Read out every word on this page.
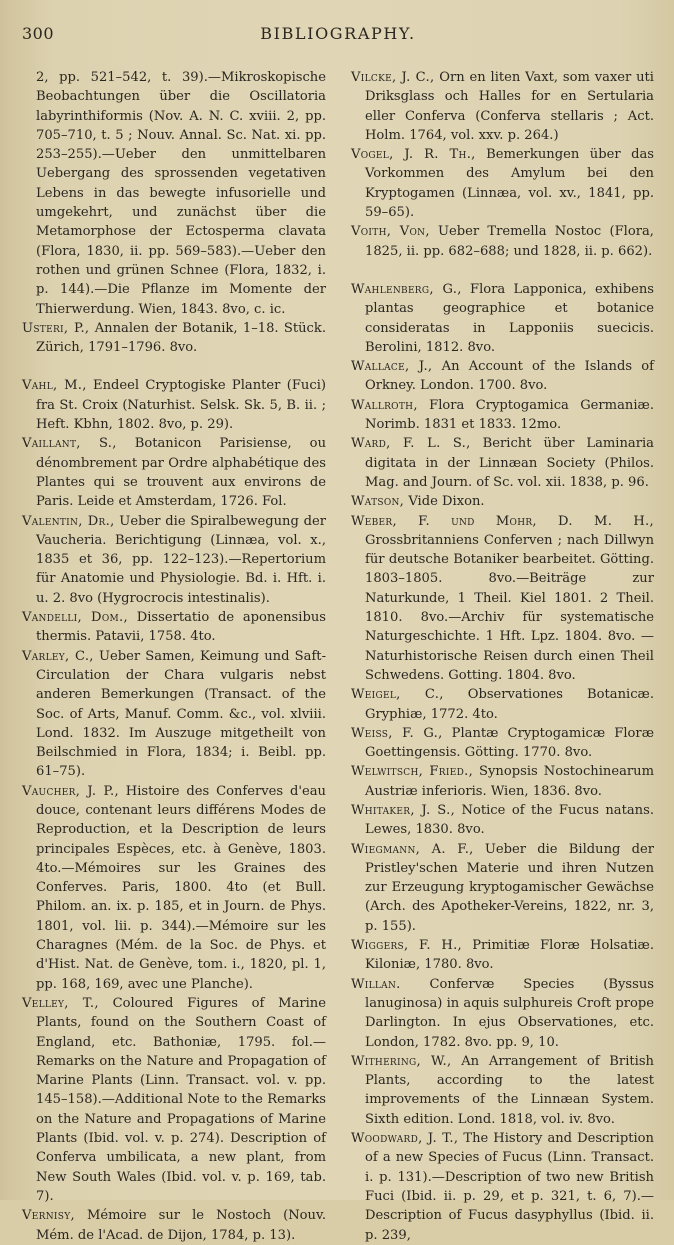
300	BIBLIOGRAPHY.

2, pp. 521–542, t. 39).—Mikroskopische Beobachtungen über die Oscillatoria labyrinthiformis (Nov. A. N. C. xviii. 2, pp. 705–710, t. 5 ; Nouv. Annal. Sc. Nat. xi. pp. 253–255).—Ueber den unmittelbaren Uebergang des sprossenden vegetativen Lebens in das bewegte infusorielle und umgekehrt, und zunächst über die Metamorphose der Ectosperma clavata (Flora, 1830, ii. pp. 569–583).—Ueber den rothen und grünen Schnee (Flora, 1832, i. p. 144).—Die Pflanze im Momente der Thierwerdung. Wien, 1843. 8vo, c. ic.

Usteri, P., Annalen der Botanik, 1–18. Stück. Zürich, 1791–1796. 8vo.

Vahl, M., Endeel Cryptogiske Planter (Fuci) fra St. Croix (Naturhist. Selsk. Sk. 5, B. ii. ; Heft. Kbhn, 1802. 8vo, p. 29).

Vaillant, S., Botanicon Parisiense, ou dénombrement par Ordre alphabétique des Plantes qui se trouvent aux environs de Paris. Leide et Amsterdam, 1726. Fol.

Valentin, Dr., Ueber die Spiralbewegung der Vaucheria. Berichtigung (Linnæa, vol. x., 1835 et 36, pp. 122–123).—Repertorium für Anatomie und Physiologie. Bd. i. Hft. i. u. 2. 8vo (Hygrocrocis intestinalis).

Vandelli, Dom., Dissertatio de aponensibus thermis. Patavii, 1758. 4to.

Varley, C., Ueber Samen, Keimung und Saft-Circulation der Chara vulgaris nebst anderen Bemerkungen (Transact. of the Soc. of Arts, Manuf. Comm. &c., vol. xlviii. Lond. 1832. Im Auszuge mitgetheilt von Beilschmied in Flora, 1834; i. Beibl. pp. 61–75).

Vaucher, J. P., Histoire des Conferves d'eau douce, contenant leurs différens Modes de Reproduction, et la Description de leurs principales Espèces, etc. à Genève, 1803. 4to.—Mémoires sur les Graines des Conferves. Paris, 1800. 4to (et Bull. Philom. an. ix. p. 185, et in Journ. de Phys. 1801, vol. lii. p. 344).—Mémoire sur les Charagnes (Mém. de la Soc. de Phys. et d'Hist. Nat. de Genève, tom. i., 1820, pl. 1, pp. 168, 169, avec une Planche).

Velley, T., Coloured Figures of Marine Plants, found on the Southern Coast of England, etc. Bathoniæ, 1795. fol.—Remarks on the Nature and Propagation of Marine Plants (Linn. Transact. vol. v. pp. 145–158).—Additional Note to the Remarks on the Nature and Propagations of Marine Plants (Ibid. vol. v. p. 274). Description of Conferva umbilicata, a new plant, from New South Wales (Ibid. vol. v. p. 169, tab. 7).

Vernisy, Mémoire sur le Nostoch (Nouv. Mém. de l'Acad. de Dijon, 1784, p. 13).

Vilcke, J. C., Orn en liten Vaxt, som vaxer uti Driksglass och Halles for en Sertularia eller Conferva (Conferva stellaris ; Act. Holm. 1764, vol. xxv. p. 264.)

Vogel, J. R. Th., Bemerkungen über das Vorkommen des Amylum bei den Kryptogamen (Linnæa, vol. xv., 1841, pp. 59–65).

Voith, Von, Ueber Tremella Nostoc (Flora, 1825, ii. pp. 682–688; und 1828, ii. p. 662).

Wahlenberg, G., Flora Lapponica, exhibens plantas geographice et botanice consideratas in Lapponiis suecicis. Berolini, 1812. 8vo.

Wallace, J., An Account of the Islands of Orkney. London. 1700. 8vo.

Wallroth, Flora Cryptogamica Germaniæ. Norimb. 1831 et 1833. 12mo.

Ward, F. L. S., Bericht über Laminaria digitata in der Linnæan Society (Philos. Mag. and Journ. of Sc. vol. xii. 1838, p. 96.

Watson, Vide Dixon.

Weber, F. und Mohr, D. M. H., Grossbritanniens Conferven ; nach Dillwyn für deutsche Botaniker bearbeitet. Götting. 1803–1805. 8vo.—Beiträge zur Naturkunde, 1 Theil. Kiel 1801. 2 Theil. 1810. 8vo.—Archiv für systematische Naturgeschichte. 1 Hft. Lpz. 1804. 8vo. — Naturhistorische Reisen durch einen Theil Schwedens. Gotting. 1804. 8vo.

Weigel, C., Observationes Botanicæ. Gryphiæ, 1772. 4to.

Weiss, F. G., Plantæ Cryptogamicæ Floræ Goettingensis. Götting. 1770. 8vo.

Welwitsch, Fried., Synopsis Nostochinearum Austriæ inferioris. Wien, 1836. 8vo.

Whitaker, J. S., Notice of the Fucus natans. Lewes, 1830. 8vo.

Wiegmann, A. F., Ueber die Bildung der Pristley'schen Materie und ihren Nutzen zur Erzeugung kryptogamischer Gewächse (Arch. des Apotheker-Vereins, 1822, nr. 3, p. 155).

Wiggers, F. H., Primitiæ Floræ Holsatiæ. Kiloniæ, 1780. 8vo.

Willan. Confervæ Species (Byssus lanuginosa) in aquis sulphureis Croft prope Darlington. In ejus Observationes, etc. London, 1782. 8vo. pp. 9, 10.

Withering, W., An Arrangement of British Plants, according to the latest improvements of the Linnæan System. Sixth edition. Lond. 1818, vol. iv. 8vo.

Woodward, J. T., The History and Description of a new Species of Fucus (Linn. Transact. i. p. 131).—Description of two new British Fuci (Ibid. ii. p. 29, et p. 321, t. 6, 7).—Description of Fucus dasyphyllus (Ibid. ii. p. 239,
